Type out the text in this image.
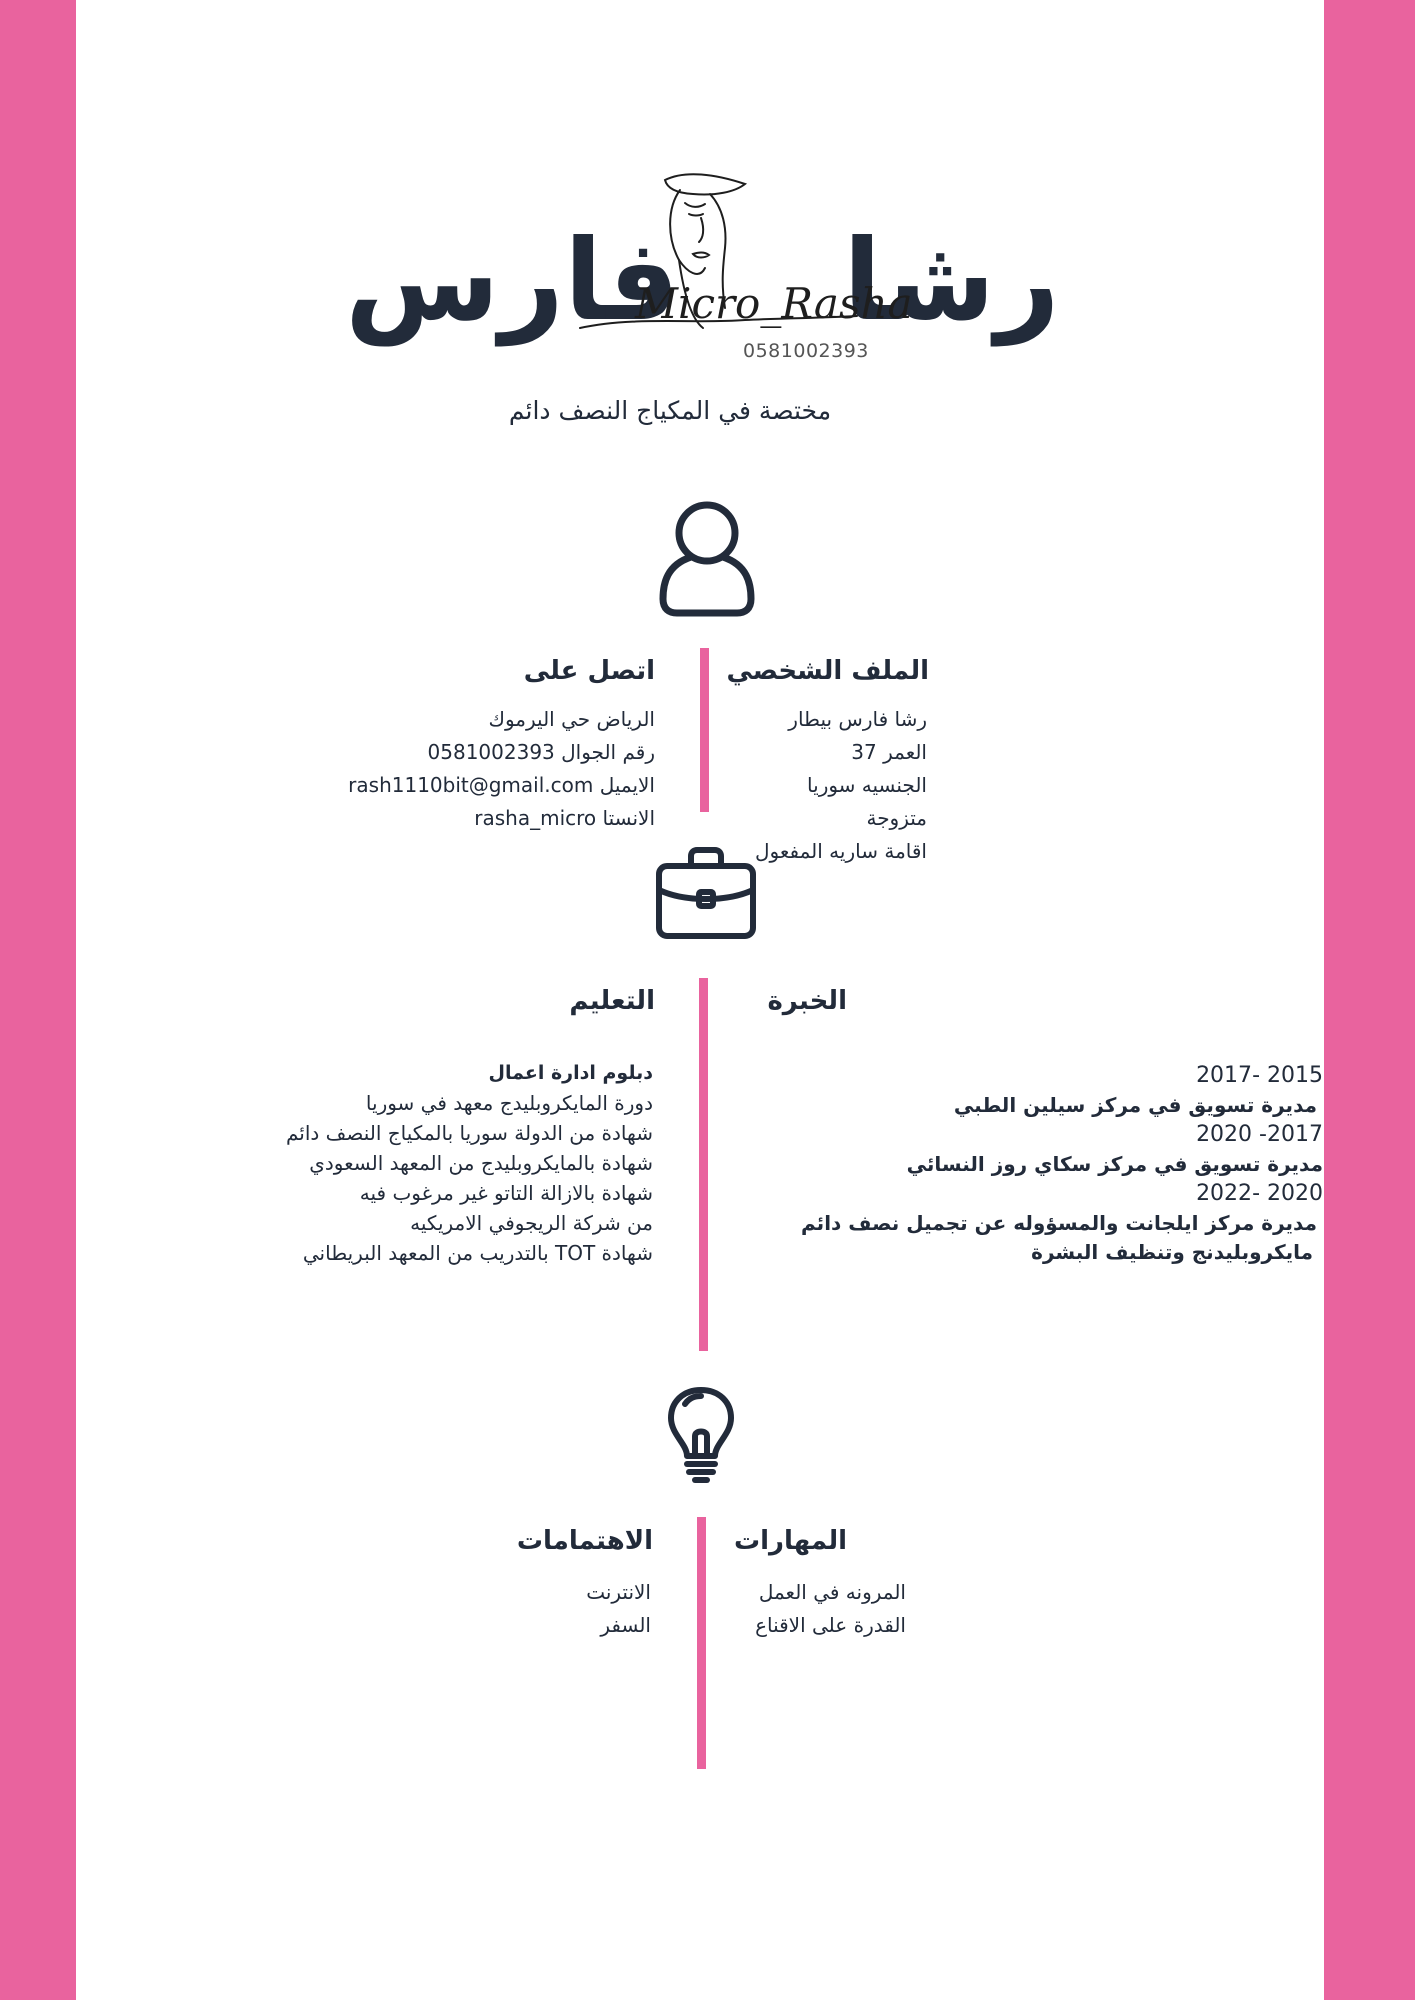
رشا
فارس
Micro_Rasha
0581002393
مختصة في المكياج النصف دائم
الملف الشخصي
رشا فارس بيطار
العمر 37
الجنسيه سوريا
متزوجة
اقامة ساريه المفعول
اتصل على
الرياض حي اليرموك
رقم الجوال 0581002393
الايميل rash1110bit@gmail.com
الانستا rasha_micro
الخبرة
2015 -2017
مديرة تسويق في مركز سيلين الطبي
2017- 2020
مديرة تسويق في مركز سكاي روز النسائي
2020 -2022
مديرة مركز ايلجانت والمسؤوله عن تجميل نصف دائم
مايكروبليدنج وتنظيف البشرة
التعليم
دبلوم ادارة اعمال
دورة المايكروبليدج معهد في سوريا
شهادة من الدولة سوريا بالمكياج النصف دائم
شهادة بالمايكروبليدج من المعهد السعودي
شهادة بالازالة التاتو غير مرغوب فيه
من شركة الريجوفي الامريكيه
شهادة TOT بالتدريب من المعهد البريطاني
المهارات
المرونه في العمل
القدرة على الاقناع
الاهتمامات
الانترنت
السفر
